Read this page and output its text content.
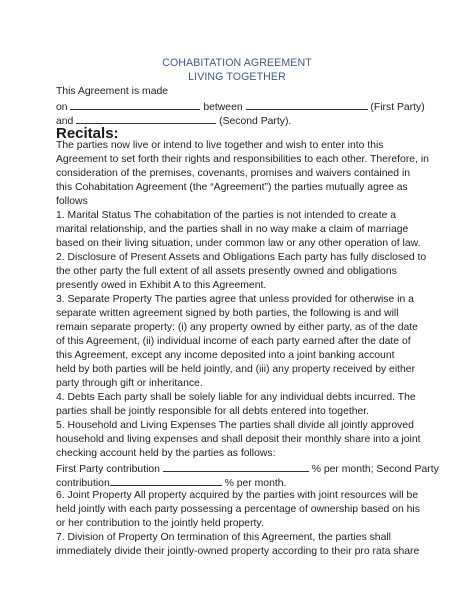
COHABITATION AGREEMENT
LIVING TOGETHER
This Agreement is made
on	between	(First Party)
and	(Second Party).
Recitals:
The parties now live or intend to live together and wish to enter into this
Agreement to set forth their rights and responsibilities to each other. Therefore, in
consideration of the premises, covenants, promises and waivers contained in
this Cohabitation Agreement (the “Agreement”) the parties mutually agree as
follows
1. Marital Status The cohabitation of the parties is not intended to create a
marital relationship, and the parties shall in no way make a claim of marriage
based on their living situation, under common law or any other operation of law.
2. Disclosure of Present Assets and Obligations Each party has fully disclosed to
the other party the full extent of all assets presently owned and obligations
presently owed in Exhibit A to this Agreement.
3. Separate Property The parties agree that unless provided for otherwise in a
separate written agreement signed by both parties, the following is and will
remain separate property: (i) any property owned by either party, as of the date
of this Agreement, (ii) individual income of each party earned after the date of
this Agreement, except any income deposited into a joint banking account
held by both parties will be held jointly, and (iii) any property received by either
party through gift or inheritance.
4. Debts Each party shall be solely liable for any individual debts incurred. The
parties shall be jointly responsible for all debts entered into together.
5. Household and Living Expenses The parties shall divide all jointly approved
household and living expenses and shall deposit their monthly share into a joint
checking account held by the parties as follows:
First Party contribution	% per month; Second Party
contribution	% per month.
6. Joint Property All property acquired by the parties with joint resources will be
held jointly with each party possessing a percentage of ownership based on his
or her contribution to the jointly held property.
7. Division of Property On termination of this Agreement, the parties shall
immediately divide their jointly-owned property according to their pro rata share
